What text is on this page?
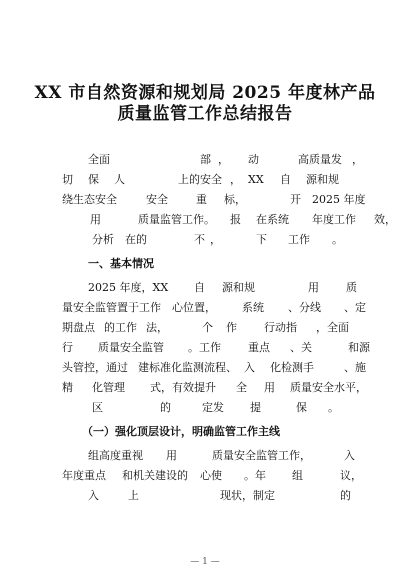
XX 市自然资源和规划局 2025 年度林产品
质量监管工作总结报告
全面	部 ， 动	高质量发 ，
切 保 人	上的安全 ， XX 自 源和规
绕生态安全	安全	重 标，	开 2025 年度
用	质量监管工作。 报 在系统 年度工作 效，
分析 在的	不 ，	下 工作 。
一、基本情况
2025 年度，XX 自 源和规	用 质
量安全监管置于工作 心位置， 系统 、分线 、定
期盘点 的工作 法，	个 作 行动指 ，全面
行 质量安全监管 。工作 重点 、关	和源
头管控，通过 建标准化监测流程、 入 化检测手	、施
精 化管理 式，有效提升 全 用 质量安全水平，
区	的	定发 提	保 。
（一）强化顶层设计，明确监管工作主线
组高度重视 用	质量安全监管工作，	入
年度重点 和机关建设的 心使 。年 组	议，
入	上	现状，制定	的
— 1 —
